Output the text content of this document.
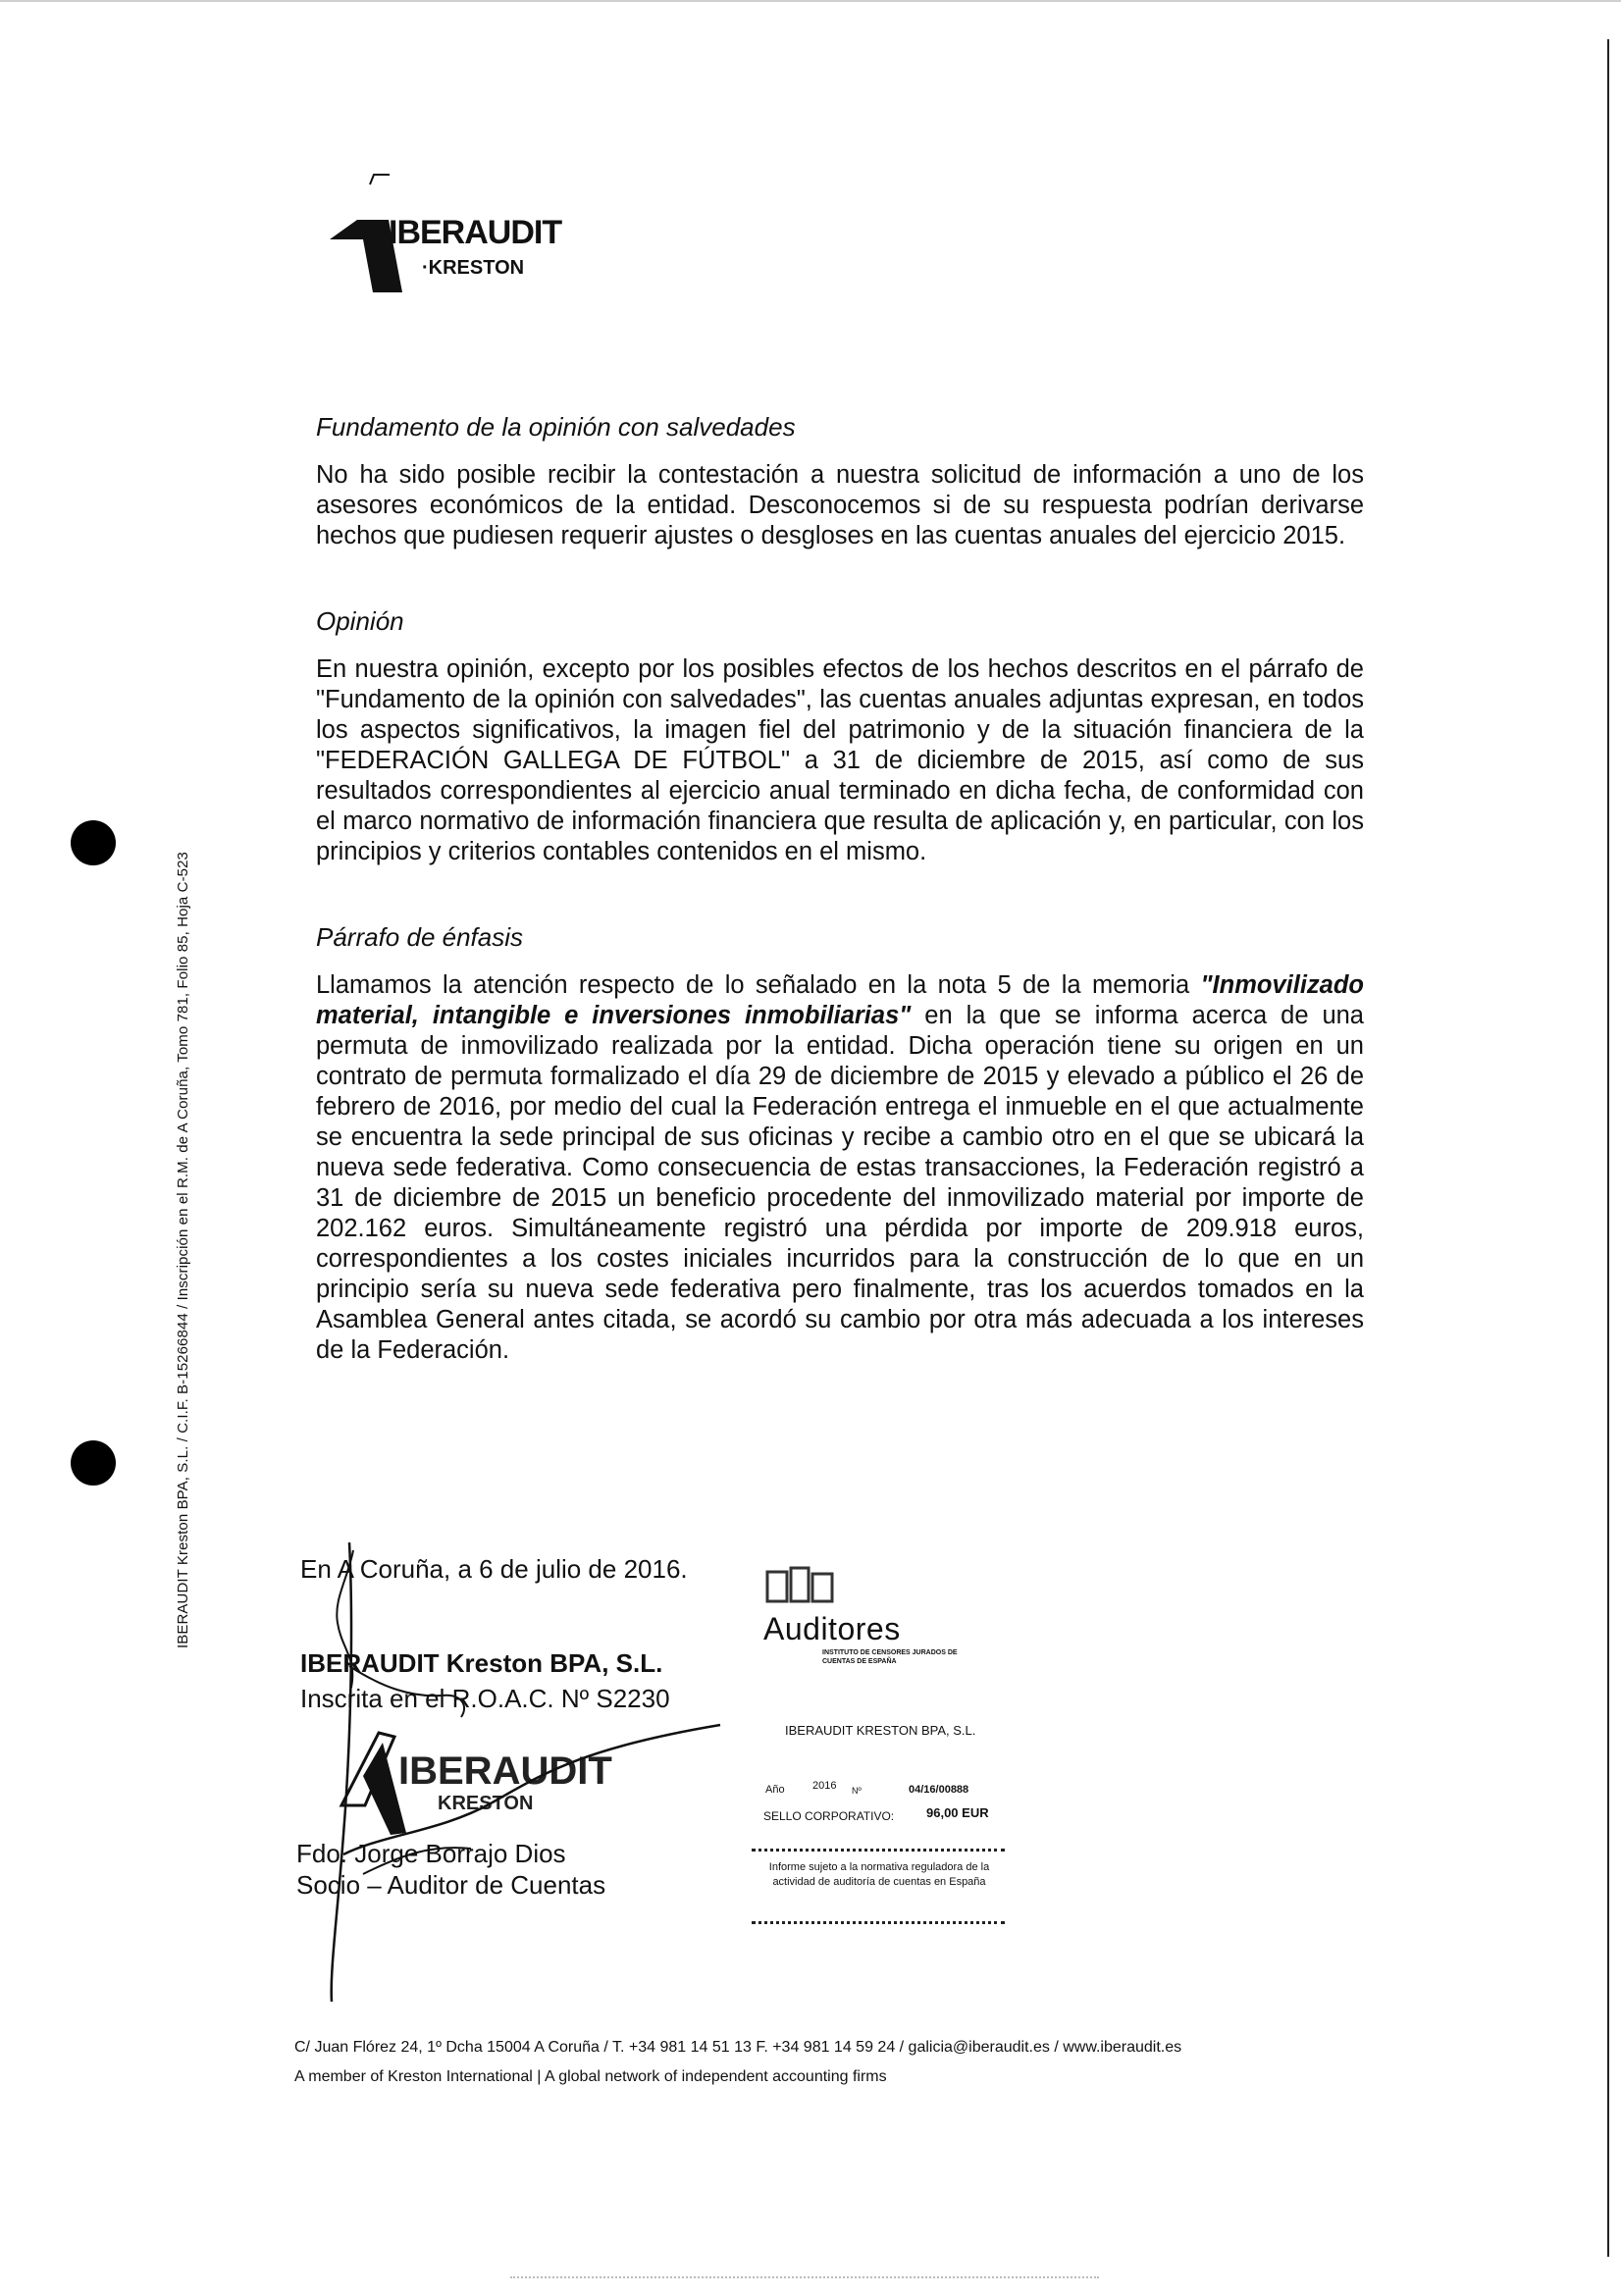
IBERAUDIT Kreston BPA, S.L. / C.I.F. B-15266844 / Inscripción en el R.M. de A Coruña, Tomo 781, Folio 85, Hoja C-523
IBERAUDIT
·KRESTON
Fundamento de la opinión con salvedades

No ha sido posible recibir la contestación a nuestra solicitud de información a uno de los asesores económicos de la entidad. Desconocemos si de su respuesta podrían derivarse hechos que pudiesen requerir ajustes o desgloses en las cuentas anuales del ejercicio 2015.

Opinión

En nuestra opinión, excepto por los posibles efectos de los hechos descritos en el párrafo de "Fundamento de la opinión con salvedades", las cuentas anuales adjuntas expresan, en todos los aspectos significativos, la imagen fiel del patrimonio y de la situación financiera de la "FEDERACIÓN GALLEGA DE FÚTBOL" a 31 de diciembre de 2015, así como de sus resultados correspondientes al ejercicio anual terminado en dicha fecha, de conformidad con el marco normativo de información financiera que resulta de aplicación y, en particular, con los principios y criterios contables contenidos en el mismo.

Párrafo de énfasis

Llamamos la atención respecto de lo señalado en la nota 5 de la memoria "Inmovilizado material, intangible e inversiones inmobiliarias" en la que se informa acerca de una permuta de inmovilizado realizada por la entidad. Dicha operación tiene su origen en un contrato de permuta formalizado el día 29 de diciembre de 2015 y elevado a público el 26 de febrero de 2016, por medio del cual la Federación entrega el inmueble en el que actualmente se encuentra la sede principal de sus oficinas y recibe a cambio otro en el que se ubicará la nueva sede federativa. Como consecuencia de estas transacciones, la Federación registró a 31 de diciembre de 2015 un beneficio procedente del inmovilizado material por importe de 202.162 euros. Simultáneamente registró una pérdida por importe de 209.918 euros, correspondientes a los costes iniciales incurridos para la construcción de lo que en un principio sería su nueva sede federativa pero finalmente, tras los acuerdos tomados en la Asamblea General antes citada, se acordó su cambio por otra más adecuada a los intereses de la Federación.

En A Coruña, a 6 de julio de 2016.
IBERAUDIT Kreston BPA, S.L.
Inscrita en el R.O.A.C. Nº S2230
Fdo. Jorge Borrajo Dios
Socio – Auditor de Cuentas
IBERAUDIT
KRESTON
Auditores
INSTITUTO DE CENSORES JURADOS DE CUENTAS DE ESPAÑA
IBERAUDIT KRESTON BPA, S.L.
Año	2016 Nº	04/16/00888
SELLO CORPORATIVO:	96,00 EUR
Informe sujeto a la normativa reguladora de la actividad de auditoría de cuentas en España
C/ Juan Flórez 24, 1º Dcha 15004 A Coruña / T. +34 981 14 51 13 F. +34 981 14 59 24 / galicia@iberaudit.es / www.iberaudit.es
A member of Kreston International | A global network of independent accounting firms
